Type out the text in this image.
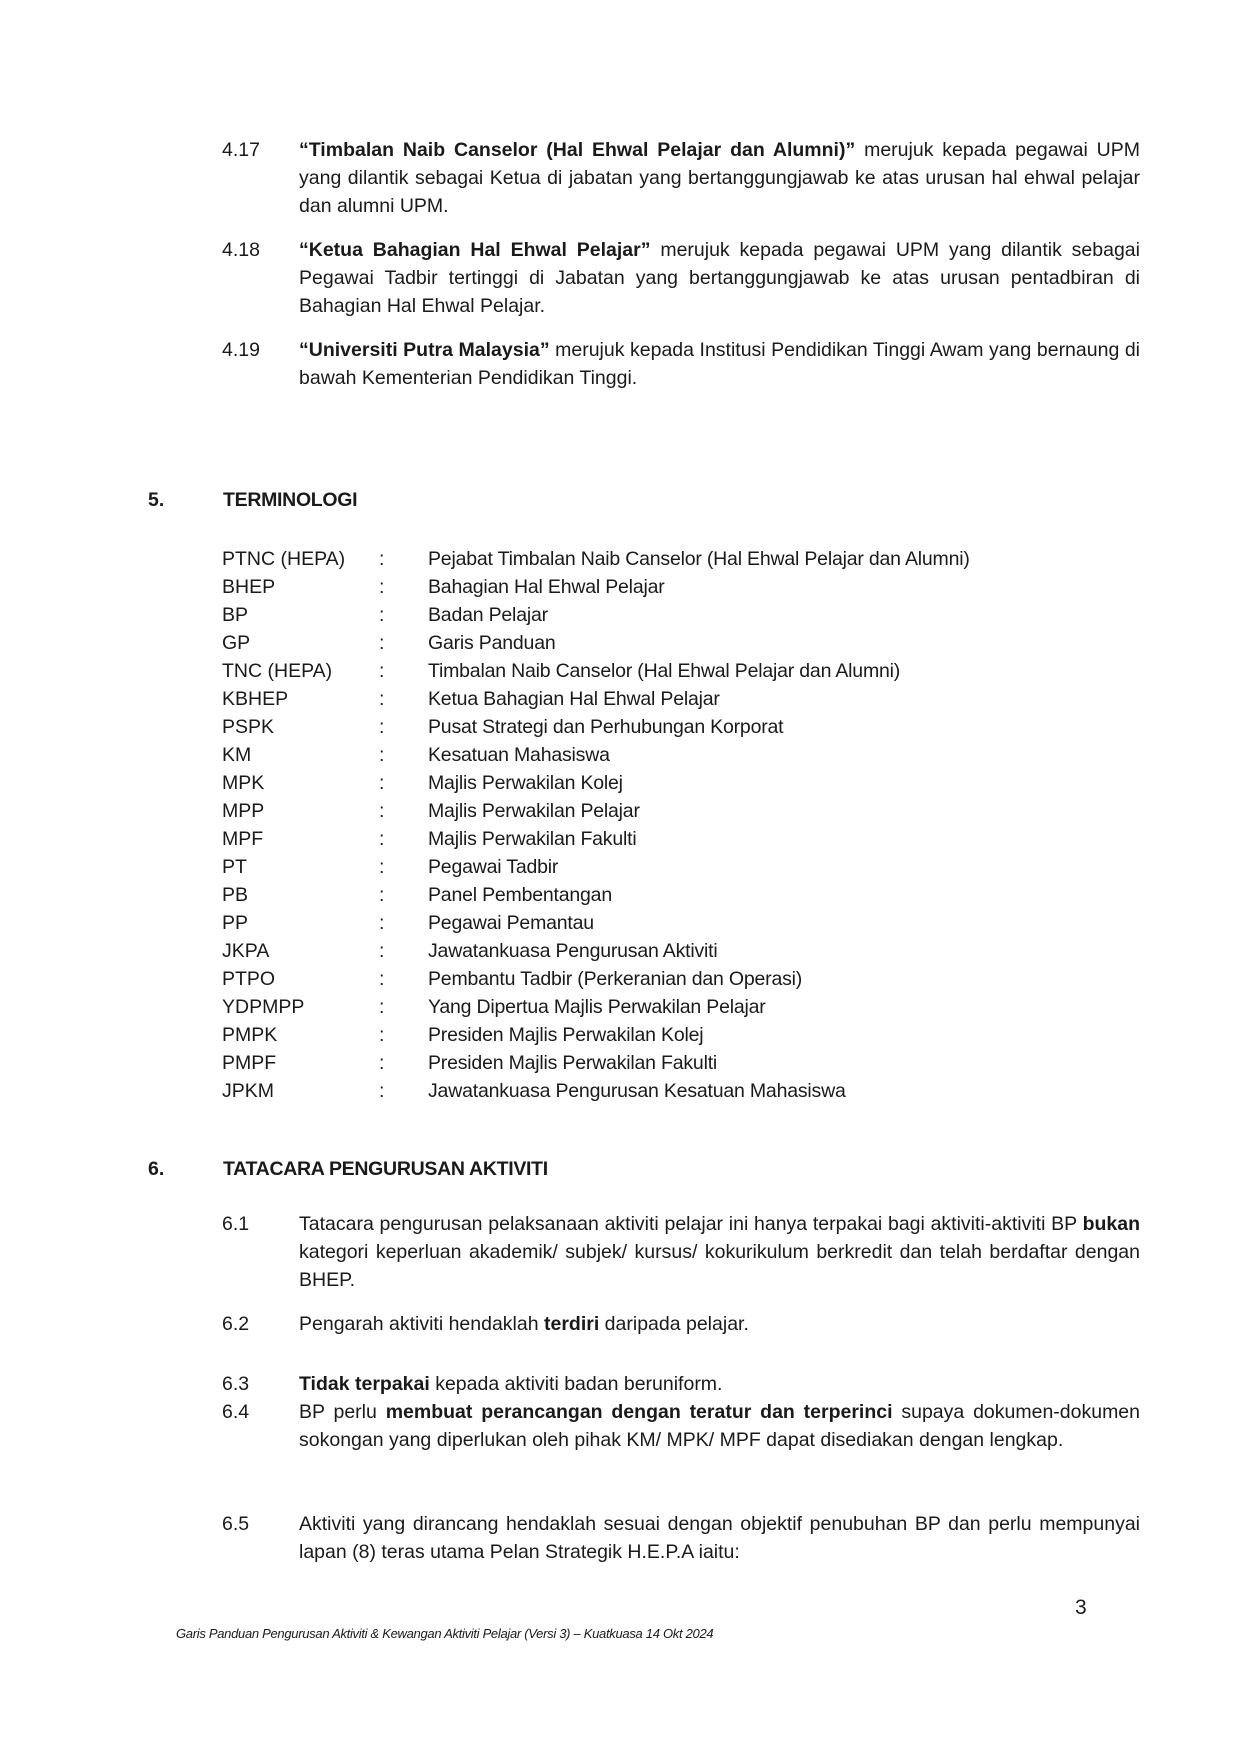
4.17 “Timbalan Naib Canselor (Hal Ehwal Pelajar dan Alumni)” merujuk kepada pegawai UPM yang dilantik sebagai Ketua di jabatan yang bertanggungjawab ke atas urusan hal ehwal pelajar dan alumni UPM.
4.18 “Ketua Bahagian Hal Ehwal Pelajar” merujuk kepada pegawai UPM yang dilantik sebagai Pegawai Tadbir tertinggi di Jabatan yang bertanggungjawab ke atas urusan pentadbiran di Bahagian Hal Ehwal Pelajar.
4.19 “Universiti Putra Malaysia” merujuk kepada Institusi Pendidikan Tinggi Awam yang bernaung di bawah Kementerian Pendidikan Tinggi.
5.	TERMINOLOGI
PTNC (HEPA) : Pejabat Timbalan Naib Canselor (Hal Ehwal Pelajar dan Alumni)
BHEP	: Bahagian Hal Ehwal Pelajar
BP	: Badan Pelajar
GP	: Garis Panduan
TNC (HEPA) : Timbalan Naib Canselor (Hal Ehwal Pelajar dan Alumni)
KBHEP	: Ketua Bahagian Hal Ehwal Pelajar
PSPK	: Pusat Strategi dan Perhubungan Korporat
KM	: Kesatuan Mahasiswa
MPK	: Majlis Perwakilan Kolej
MPP	: Majlis Perwakilan Pelajar
MPF	: Majlis Perwakilan Fakulti
PT	: Pegawai Tadbir
PB	: Panel Pembentangan
PP	: Pegawai Pemantau
JKPA	: Jawatankuasa Pengurusan Aktiviti
PTPO	: Pembantu Tadbir (Perkeranian dan Operasi)
YDPMPP	: Yang Dipertua Majlis Perwakilan Pelajar
PMPK	: Presiden Majlis Perwakilan Kolej
PMPF	: Presiden Majlis Perwakilan Fakulti
JPKM	: Jawatankuasa Pengurusan Kesatuan Mahasiswa
6.	TATACARA PENGURUSAN AKTIVITI
6.1	Tatacara pengurusan pelaksanaan aktiviti pelajar ini hanya terpakai bagi aktiviti-aktiviti BP bukan kategori keperluan akademik/ subjek/ kursus/ kokurikulum berkredit dan telah berdaftar dengan BHEP.
6.2	Pengarah aktiviti hendaklah terdiri daripada pelajar.
6.3	Tidak terpakai kepada aktiviti badan beruniform.
6.4	BP perlu membuat perancangan dengan teratur dan terperinci supaya dokumen-dokumen sokongan yang diperlukan oleh pihak KM/ MPK/ MPF dapat disediakan dengan lengkap.
6.5	Aktiviti yang dirancang hendaklah sesuai dengan objektif penubuhan BP dan perlu mempunyai lapan (8) teras utama Pelan Strategik H.E.P.A iaitu:
3
Garis Panduan Pengurusan Aktiviti & Kewangan Aktiviti Pelajar (Versi 3) – Kuatkuasa 14 Okt 2024
